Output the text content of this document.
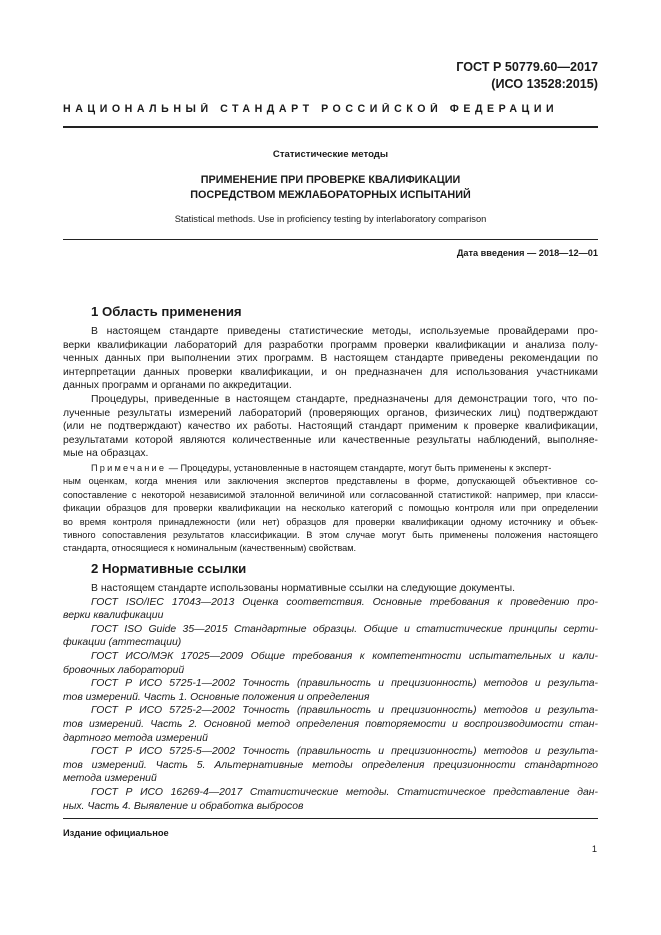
ГОСТ Р 50779.60—2017
(ИСО 13528:2015)
НАЦИОНАЛЬНЫЙ СТАНДАРТ РОССИЙСКОЙ ФЕДЕРАЦИИ
Статистические методы
ПРИМЕНЕНИЕ ПРИ ПРОВЕРКЕ КВАЛИФИКАЦИИ
ПОСРЕДСТВОМ МЕЖЛАБОРАТОРНЫХ ИСПЫТАНИЙ
Statistical methods. Use in proficiency testing by interlaboratory comparison
Дата введения — 2018—12—01
1 Область применения
В настоящем стандарте приведены статистические методы, используемые провайдерами про-
верки квалификации лабораторий для разработки программ проверки квалификации и анализа полу-
ченных данных при выполнении этих программ. В настоящем стандарте приведены рекомендации по
интерпретации данных проверки квалификации, и он предназначен для использования участниками
данных программ и органами по аккредитации.
Процедуры, приведенные в настоящем стандарте, предназначены для демонстрации того, что по-
лученные результаты измерений лабораторий (проверяющих органов, физических лиц) подтверждают
(или не подтверждают) качество их работы. Настоящий стандарт применим к проверке квалификации,
результатами которой являются количественные или качественные результаты наблюдений, выполняе-
мые на образцах.
Примечание — Процедуры, установленные в настоящем стандарте, могут быть применены к эксперт-
ным оценкам, когда мнения или заключения экспертов представлены в форме, допускающей объективное со-
сопоставление с некоторой независимой эталонной величиной или согласованной статистикой: например, при класси-
фикации образцов для проверки квалификации на несколько категорий с помощью контроля или при определении
во время контроля принадлежности (или нет) образцов для проверки квалификации одному источнику и объек-
тивного сопоставления результатов классификации. В этом случае могут быть применены положения настоящего
стандарта, относящиеся к номинальным (качественным) свойствам.
2 Нормативные ссылки
В настоящем стандарте использованы нормативные ссылки на следующие документы.
ГОСТ ISO/IEC 17043—2013 Оценка соответствия. Основные требования к проведению про-
верки квалификации
ГОСТ ISO Guide 35—2015 Стандартные образцы. Общие и статистические принципы серти-
фикации (аттестации)
ГОСТ ИСО/МЭК 17025—2009 Общие требования к компетентности испытательных и кали-
бровочных лабораторий
ГОСТ Р ИСО 5725-1—2002 Точность (правильность и прецизионность) методов и результа-
тов измерений. Часть 1. Основные положения и определения
ГОСТ Р ИСО 5725-2—2002 Точность (правильность и прецизионность) методов и результа-
тов измерений. Часть 2. Основной метод определения повторяемости и воспроизводимости стан-
дартного метода измерений
ГОСТ Р ИСО 5725-5—2002 Точность (правильность и прецизионность) методов и результа-
тов измерений. Часть 5. Альтернативные методы определения прецизионности стандартного
метода измерений
ГОСТ Р ИСО 16269-4—2017 Статистические методы. Статистическое представление дан-
ных. Часть 4. Выявление и обработка выбросов
Издание официальное
1
